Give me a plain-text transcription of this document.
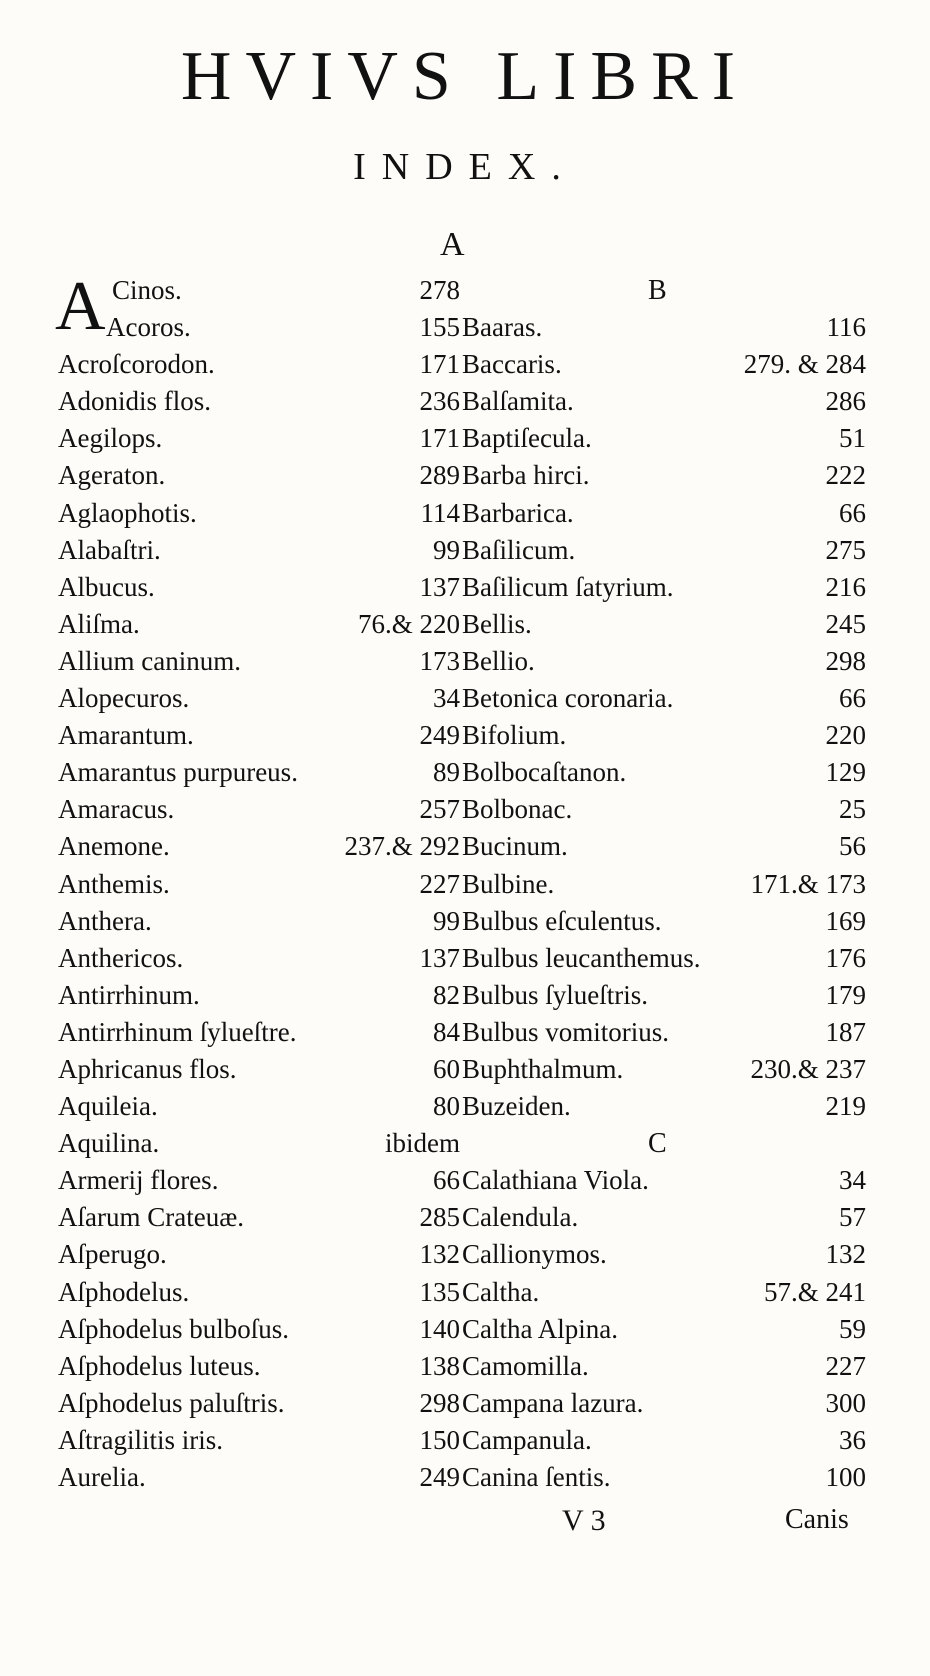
HVIVS LIBRI
INDEX.
A
A Cinos.	278
Acoros.	155
Acroſcorodon.	171
Adonidis flos.	236
Aegilops.	171
Ageraton.	289
Aglaophotis.	114
Alabaſtri.	99
Albucus.	137
Aliſma.	76.& 220
Allium caninum.	173
Alopecuros.	34
Amarantum.	249
Amarantus purpureus.	89
Amaracus.	257
Anemone.	237.& 292
Anthemis.	227
Anthera.	99
Anthericos.	137
Antirrhinum.	82
Antirrhinum ſylueſtre.	84
Aphricanus flos.	60
Aquileia.	80
Aquilina.	ibidem
Armerij flores.	66
Aſarum Crateuæ.	285
Aſperugo.	132
Aſphodelus.	135
Aſphodelus bulboſus.	140
Aſphodelus luteus.	138
Aſphodelus paluſtris.	298
Aſtragilitis iris.	150
Aurelia.	249
B
Baaras.	116
Baccaris.	279. & 284
Balſamita.	286
Baptiſecula.	51
Barba hirci.	222
Barbarica.	66
Baſilicum.	275
Baſilicum ſatyrium.	216
Bellis.	245
Bellio.	298
Betonica coronaria.	66
Bifolium.	220
Bolbocaſtanon.	129
Bolbonac.	25
Bucinum.	56
Bulbine.	171.& 173
Bulbus eſculentus.	169
Bulbus leucanthemus.	176
Bulbus ſylueſtris.	179
Bulbus vomitorius.	187
Buphthalmum.	230.& 237
Buzeiden.	219
C
Calathiana Viola.	34
Calendula.	57
Callionymos.	132
Caltha.	57.& 241
Caltha Alpina.	59
Camomilla.	227
Campana lazura.	300
Campanula.	36
Canina ſentis.	100
V 3	Canis
